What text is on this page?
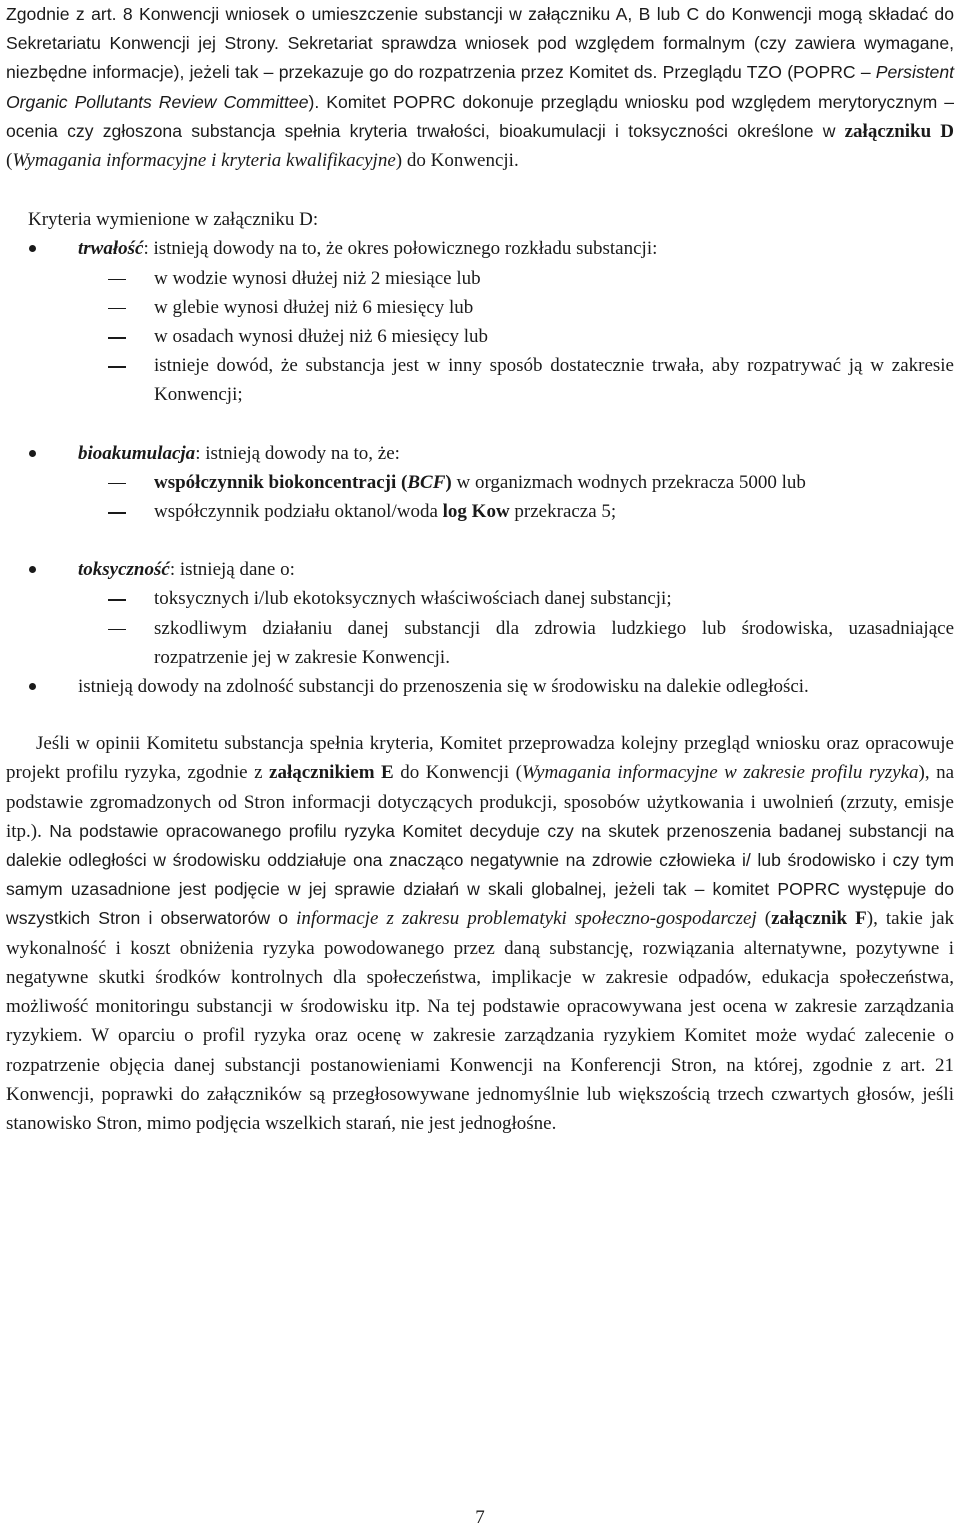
Zgodnie z art. 8 Konwencji wniosek o umieszczenie substancji w załączniku A, B lub C do Konwencji mogą składać do Sekretariatu Konwencji jej Strony. Sekretariat sprawdza wniosek pod względem formalnym (czy zawiera wymagane, niezbędne informacje), jeżeli tak – przekazuje go do rozpatrzenia przez Komitet ds. Przeglądu TZO (POPRC – Persistent Organic Pollutants Review Committee). Komitet POPRC dokonuje przeglądu wniosku pod względem merytorycznym – ocenia czy zgłoszona substancja spełnia kryteria trwałości, bioakumulacji i toksyczności określone w załączniku D (Wymagania informacyjne i kryteria kwalifikacyjne) do Konwencji.

Kryteria wymienione w załączniku D:

trwałość: istnieją dowody na to, że okres połowicznego rozkładu substancji:

w wodzie wynosi dłużej niż 2 miesiące lub

w glebie wynosi dłużej niż 6 miesięcy lub

w osadach wynosi dłużej niż 6 miesięcy lub

istnieje dowód, że substancja jest w inny sposób dostatecznie trwała, aby rozpatrywać ją w zakresie Konwencji;

bioakumulacja: istnieją dowody na to, że:

współczynnik biokoncentracji (BCF) w organizmach wodnych przekracza 5000 lub

współczynnik podziału oktanol/woda log Kow przekracza 5;

toksyczność: istnieją dane o:

toksycznych i/lub ekotoksycznych właściwościach danej substancji;

szkodliwym działaniu danej substancji dla zdrowia ludzkiego lub środowiska, uzasadniające rozpatrzenie jej w zakresie Konwencji.

istnieją dowody na zdolność substancji do przenoszenia się w środowisku na dalekie odległości.

Jeśli w opinii Komitetu substancja spełnia kryteria, Komitet przeprowadza kolejny przegląd wniosku oraz opracowuje projekt profilu ryzyka, zgodnie z załącznikiem E do Konwencji (Wymagania informacyjne w zakresie profilu ryzyka), na podstawie zgromadzonych od Stron informacji dotyczących produkcji, sposobów użytkowania i uwolnień (zrzuty, emisje itp.). Na podstawie opracowanego profilu ryzyka Komitet decyduje czy na skutek przenoszenia badanej substancji na dalekie odległości w środowisku oddziałuje ona znacząco negatywnie na zdrowie człowieka i/ lub środowisko i czy tym samym uzasadnione jest podjęcie w jej sprawie działań w skali globalnej, jeżeli tak – komitet POPRC występuje do wszystkich Stron i obserwatorów o informacje z zakresu problematyki społeczno-gospodarczej (załącznik F), takie jak wykonalność i koszt obniżenia ryzyka powodowanego przez daną substancję, rozwiązania alternatywne, pozytywne i negatywne skutki środków kontrolnych dla społeczeństwa, implikacje w zakresie odpadów, edukacja społeczeństwa, możliwość monitoringu substancji w środowisku itp. Na tej podstawie opracowywana jest ocena w zakresie zarządzania ryzykiem. W oparciu o profil ryzyka oraz ocenę w zakresie zarządzania ryzykiem Komitet może wydać zalecenie o rozpatrzenie objęcia danej substancji postanowieniami Konwencji na Konferencji Stron, na której, zgodnie z art. 21 Konwencji, poprawki do załączników są przegłosowywane jednomyślnie lub większością trzech czwartych głosów, jeśli stanowisko Stron, mimo podjęcia wszelkich starań, nie jest jednogłośne.

7
